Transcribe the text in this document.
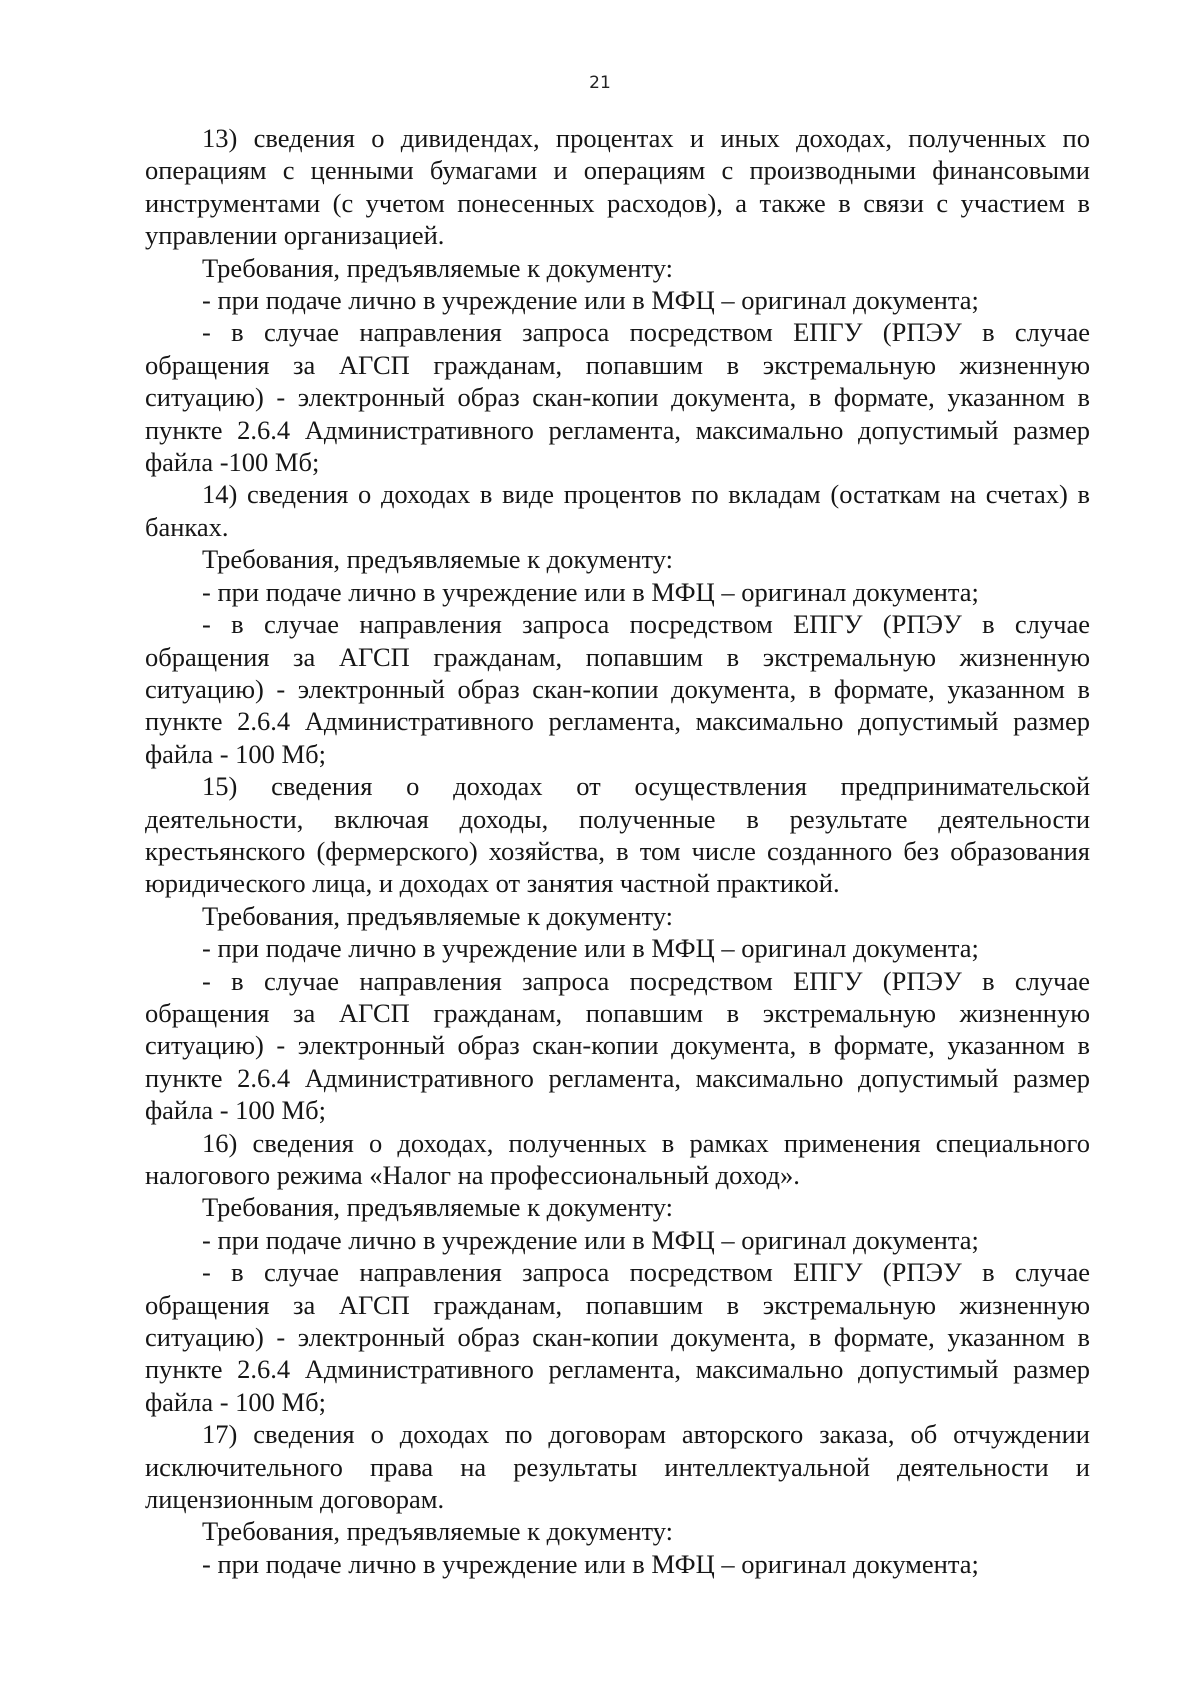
21

13) сведения о дивидендах, процентах и иных доходах, полученных по операциям с ценными бумагами и операциям с производными финансовыми инструментами (с учетом понесенных расходов), а также в связи с участием в управлении организацией.

Требования, предъявляемые к документу:

- при подаче лично в учреждение или в МФЦ – оригинал документа;

- в случае направления запроса посредством ЕПГУ (РПЭУ в случае обращения за АГСП гражданам, попавшим в экстремальную жизненную ситуацию) - электронный образ скан-копии документа, в формате, указанном в пункте 2.6.4 Административного регламента, максимально допустимый размер файла -100 Мб;

14) сведения о доходах в виде процентов по вкладам (остаткам на счетах) в банках.

Требования, предъявляемые к документу:

- при подаче лично в учреждение или в МФЦ – оригинал документа;

- в случае направления запроса посредством ЕПГУ (РПЭУ в случае обращения за АГСП гражданам, попавшим в экстремальную жизненную ситуацию) - электронный образ скан-копии документа, в формате, указанном в пункте 2.6.4 Административного регламента, максимально допустимый размер файла - 100 Мб;

15) сведения о доходах от осуществления предпринимательской деятельности, включая доходы, полученные в результате деятельности крестьянского (фермерского) хозяйства, в том числе созданного без образования юридического лица, и доходах от занятия частной практикой.

Требования, предъявляемые к документу:

- при подаче лично в учреждение или в МФЦ – оригинал документа;

- в случае направления запроса посредством ЕПГУ (РПЭУ в случае обращения за АГСП гражданам, попавшим в экстремальную жизненную ситуацию) - электронный образ скан-копии документа, в формате, указанном в пункте 2.6.4 Административного регламента, максимально допустимый размер файла - 100 Мб;

16) сведения о доходах, полученных в рамках применения специального налогового режима «Налог на профессиональный доход».

Требования, предъявляемые к документу:

- при подаче лично в учреждение или в МФЦ – оригинал документа;

- в случае направления запроса посредством ЕПГУ (РПЭУ в случае обращения за АГСП гражданам, попавшим в экстремальную жизненную ситуацию) - электронный образ скан-копии документа, в формате, указанном в пункте 2.6.4 Административного регламента, максимально допустимый размер файла - 100 Мб;

17) сведения о доходах по договорам авторского заказа, об отчуждении исключительного права на результаты интеллектуальной деятельности и лицензионным договорам.

Требования, предъявляемые к документу:

- при подаче лично в учреждение или в МФЦ – оригинал документа;
